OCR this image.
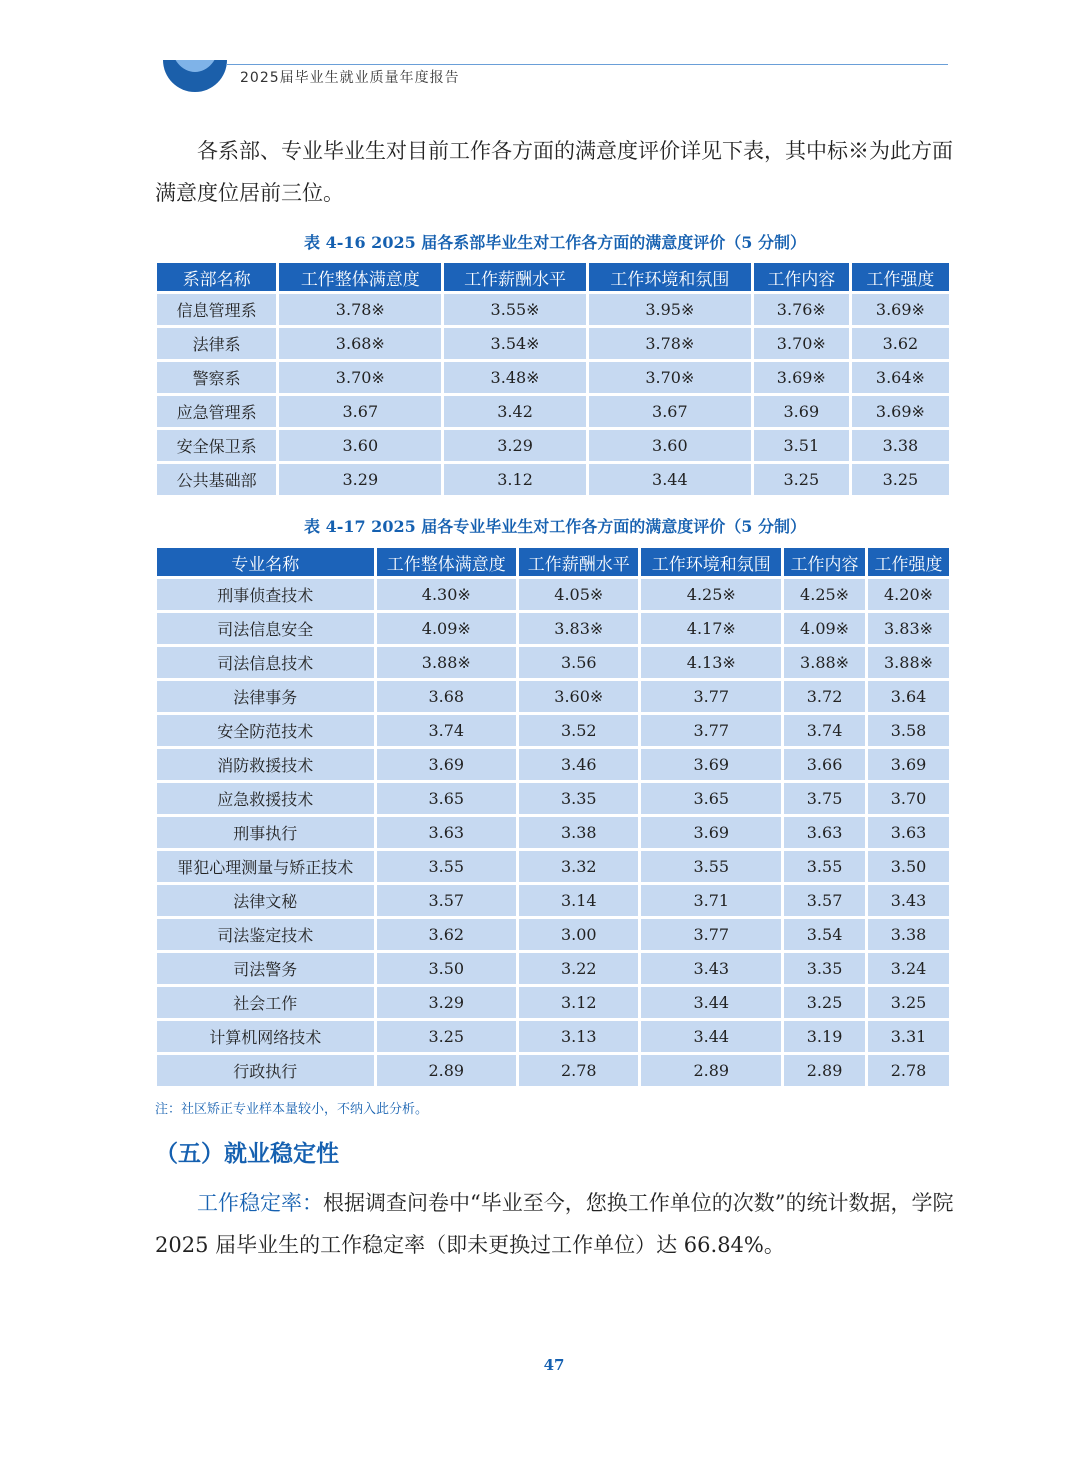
2025届毕业生就业质量年度报告
各系部、专业毕业生对目前工作各方面的满意度评价详见下表，其中标※为此方面满意度位居前三位。
表 4-16 2025 届各系部毕业生对工作各方面的满意度评价（5 分制）
系部名称	工作整体满意度	工作薪酬水平	工作环境和氛围	工作内容	工作强度
信息管理系	3.78※	3.55※	3.95※	3.76※	3.69※
法律系	3.68※	3.54※	3.78※	3.70※	3.62
警察系	3.70※	3.48※	3.70※	3.69※	3.64※
应急管理系	3.67	3.42	3.67	3.69	3.69※
安全保卫系	3.60	3.29	3.60	3.51	3.38
公共基础部	3.29	3.12	3.44	3.25	3.25
表 4-17 2025 届各专业毕业生对工作各方面的满意度评价（5 分制）
专业名称	工作整体满意度	工作薪酬水平	工作环境和氛围	工作内容	工作强度
刑事侦查技术	4.30※	4.05※	4.25※	4.25※	4.20※
司法信息安全	4.09※	3.83※	4.17※	4.09※	3.83※
司法信息技术	3.88※	3.56	4.13※	3.88※	3.88※
法律事务	3.68	3.60※	3.77	3.72	3.64
安全防范技术	3.74	3.52	3.77	3.74	3.58
消防救援技术	3.69	3.46	3.69	3.66	3.69
应急救援技术	3.65	3.35	3.65	3.75	3.70
刑事执行	3.63	3.38	3.69	3.63	3.63
罪犯心理测量与矫正技术	3.55	3.32	3.55	3.55	3.50
法律文秘	3.57	3.14	3.71	3.57	3.43
司法鉴定技术	3.62	3.00	3.77	3.54	3.38
司法警务	3.50	3.22	3.43	3.35	3.24
社会工作	3.29	3.12	3.44	3.25	3.25
计算机网络技术	3.25	3.13	3.44	3.19	3.31
行政执行	2.89	2.78	2.89	2.89	2.78
注：社区矫正专业样本量较小，不纳入此分析。
（五）就业稳定性
工作稳定率：根据调查问卷中“毕业至今，您换工作单位的次数”的统计数据，学院 2025 届毕业生的工作稳定率（即未更换过工作单位）达 66.84%。
47
